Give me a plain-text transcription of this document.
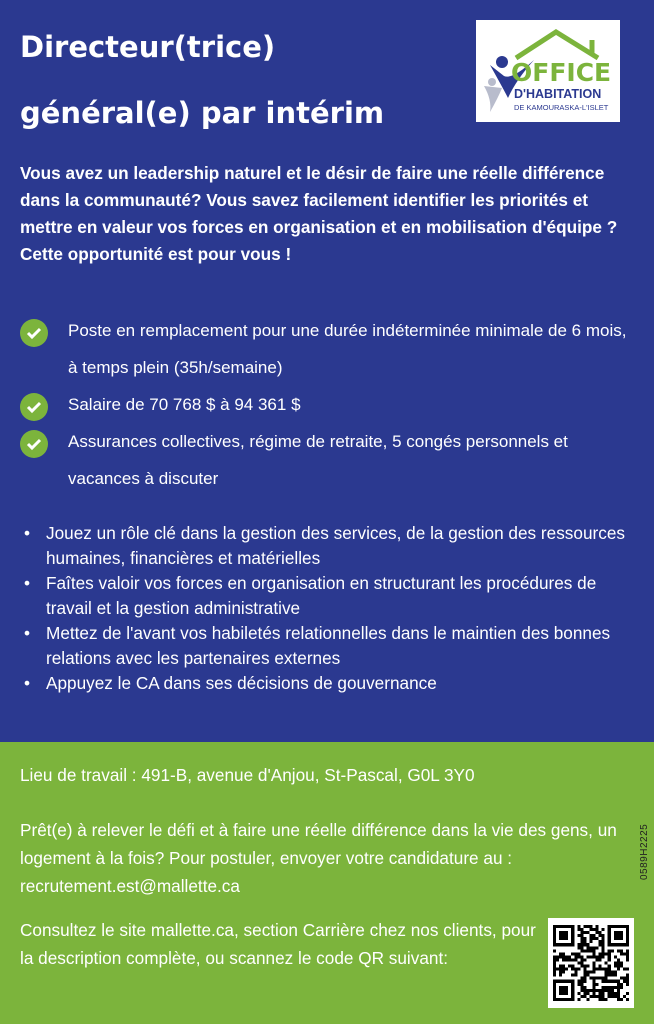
Directeur(trice)
général(e) par intérim
OFFICE
D'HABITATION
DE KAMOURASKA-L'ISLET

Vous avez un leadership naturel et le désir de faire une réelle différence dans la communauté? Vous savez facilement identifier les priorités et mettre en valeur vos forces en organisation et en mobilisation d'équipe ? Cette opportunité est pour vous !

Poste en remplacement pour une durée indéterminée minimale de 6 mois, à temps plein (35h/semaine)
Salaire de 70 768 $ à 94 361 $
Assurances collectives, régime de retraite, 5 congés personnels et vacances à discuter
• Jouez un rôle clé dans la gestion des services, de la gestion des ressources humaines, financières et matérielles
• Faîtes valoir vos forces en organisation en structurant les procédures de travail et la gestion administrative
• Mettez de l'avant vos habiletés relationnelles dans le maintien des bonnes relations avec les partenaires externes
• Appuyez le CA dans ses décisions de gouvernance

Lieu de travail : 491-B, avenue d'Anjou, St-Pascal, G0L 3Y0

Prêt(e) à relever le défi et à faire une réelle différence dans la vie des gens, un logement à la fois? Pour postuler, envoyer votre candidature au : recrutement.est@mallette.ca

Consultez le site mallette.ca, section Carrière chez nos clients, pour la description complète, ou scannez le code QR suivant:

0589H2225
